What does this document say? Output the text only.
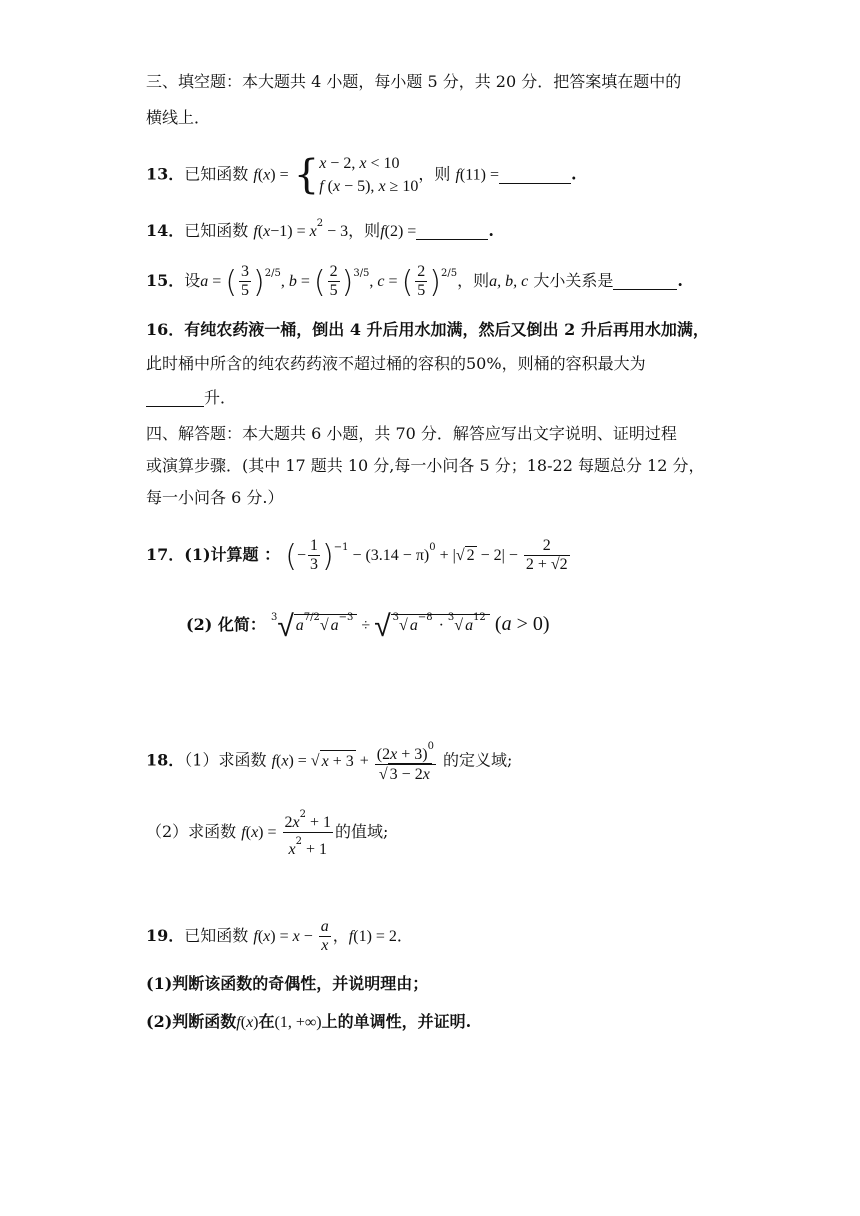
三、填空题：本大题共 4 小题，每小题 5 分，共 20 分．把答案填在题中的
横线上．
13．已知函数 f(x) = {x − 2, x < 10
f (x − 5), x ≥ 10，则 f(11) =	.
14．已知函数 $f(x-1) = x^2 - 3$，则f(2) =	.
15．设a = ( $\frac{3}{5} )^{2/5}$, b = ( $\frac{2}{5} )^{3/5}$, c = ( $\frac{2}{5} )^{2/5}$，则a, b, c 大小关系是	.
16．有纯农药液一桶，倒出 4 升后用水加满，然后又倒出 2 升后再用水加满，
此时桶中所含的纯农药药液不超过桶的容积的50%，则桶的容积最大为
升．
四、解答题：本大题共 6 小题，共 70 分．解答应写出文字说明、证明过程
或演算步骤．(其中 17 题共 10 分,每一小问各 5 分；18-22 每题总分 12 分，
每一小问各 6 分.）
17．(1)计算题 ： (− $\frac{1}{3} )^{-1} - (3.14 - \pi)^0$ + |√ $2 - 2| - \frac{2}{2 + √2}$
(2) 化简： $^3$√ $a^{7/2}√$ $a^{-3}$ ÷ √ $^3$√ $a^{-8} \cdot ^3√$ $a^{12}$ (a > 0)
18．（1）求函数 f(x) = √ $x + 3 + \frac{(2x + 3)^0}{√ 3 - 2x}$ 的定义域;
（2）求函数 $f(x) = \frac{2x^2 + 1}{x^2 + 1}$ 的值域;
19．已知函数 $f(x) = x - \frac{a}{x}$ ，f(1) = 2．
(1)判断该函数的奇偶性，并说明理由；
(2)判断函数f(x)在(1, +∞)上的单调性，并证明.
